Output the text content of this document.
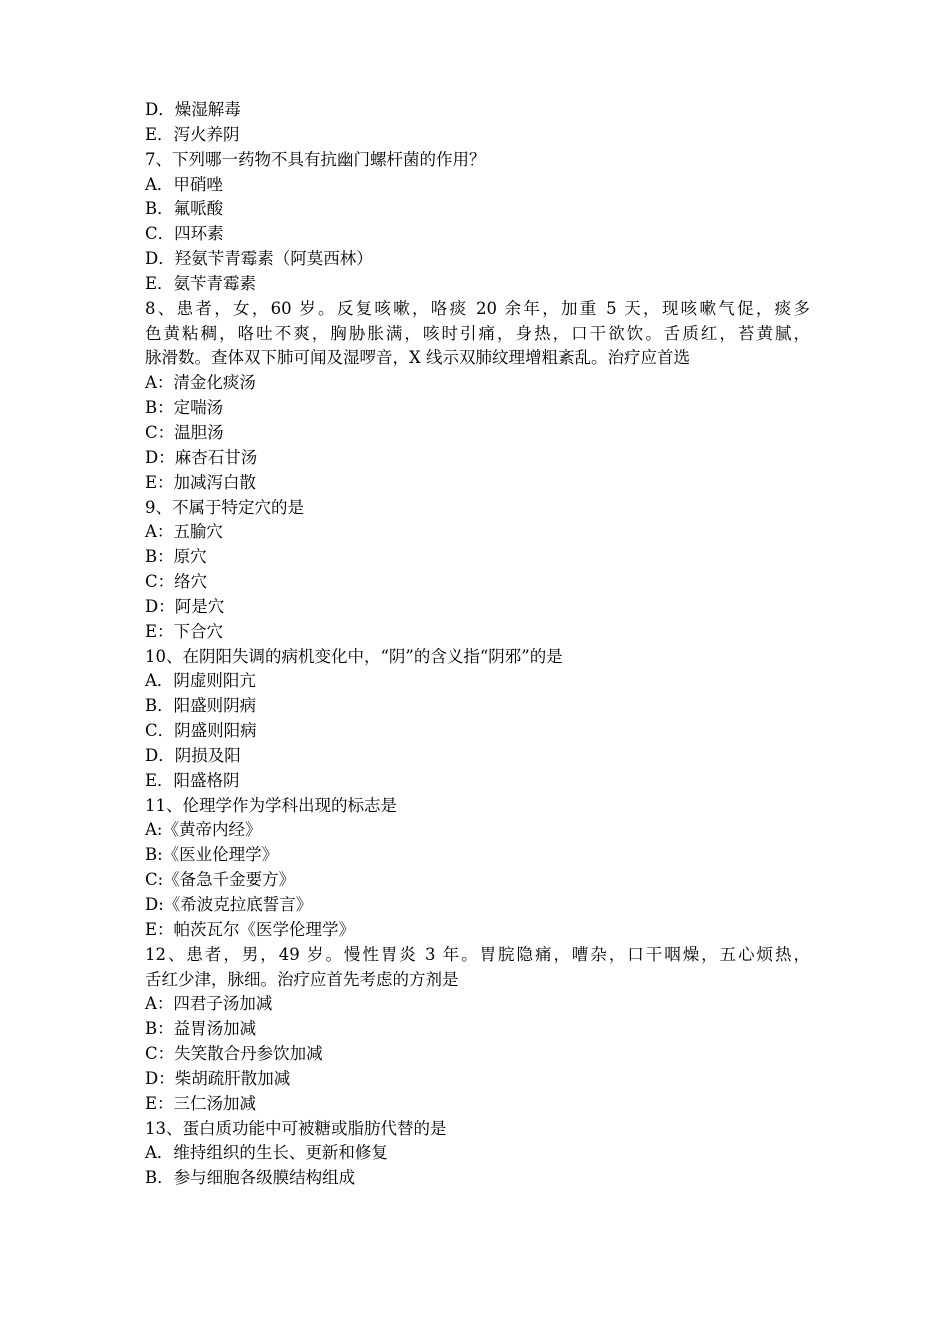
D．燥湿解毒
E．泻火养阴
7、下列哪一药物不具有抗幽门螺杆菌的作用？
A．甲硝唑
B．氟哌酸
C．四环素
D．羟氨苄青霉素（阿莫西林）
E．氨苄青霉素
8、患者，女，60 岁。反复咳嗽，咯痰 20 余年，加重 5 天，现咳嗽气促，痰多
色黄粘稠，咯吐不爽，胸胁胀满，咳时引痛，身热，口干欲饮。舌质红，苔黄腻，
脉滑数。查体双下肺可闻及湿啰音，X 线示双肺纹理增粗紊乱。治疗应首选
A：清金化痰汤
B：定喘汤
C：温胆汤
D：麻杏石甘汤
E：加减泻白散
9、不属于特定穴的是
A：五腧穴
B：原穴
C：络穴
D：阿是穴
E：下合穴
10、在阴阳失调的病机变化中，“阴”的含义指“阴邪”的是
A．阴虚则阳亢
B．阳盛则阴病
C．阴盛则阳病
D．阴损及阳
E．阳盛格阴
11、伦理学作为学科出现的标志是
A:《黄帝内经》
B:《医业伦理学》
C:《备急千金要方》
D:《希波克拉底誓言》
E：帕茨瓦尔《医学伦理学》
12、患者，男，49 岁。慢性胃炎 3 年。胃脘隐痛，嘈杂，口干咽燥，五心烦热，
舌红少津，脉细。治疗应首先考虑的方剂是
A：四君子汤加减
B：益胃汤加减
C：失笑散合丹参饮加减
D：柴胡疏肝散加减
E：三仁汤加减
13、蛋白质功能中可被糖或脂肪代替的是
A．维持组织的生长、更新和修复
B．参与细胞各级膜结构组成
